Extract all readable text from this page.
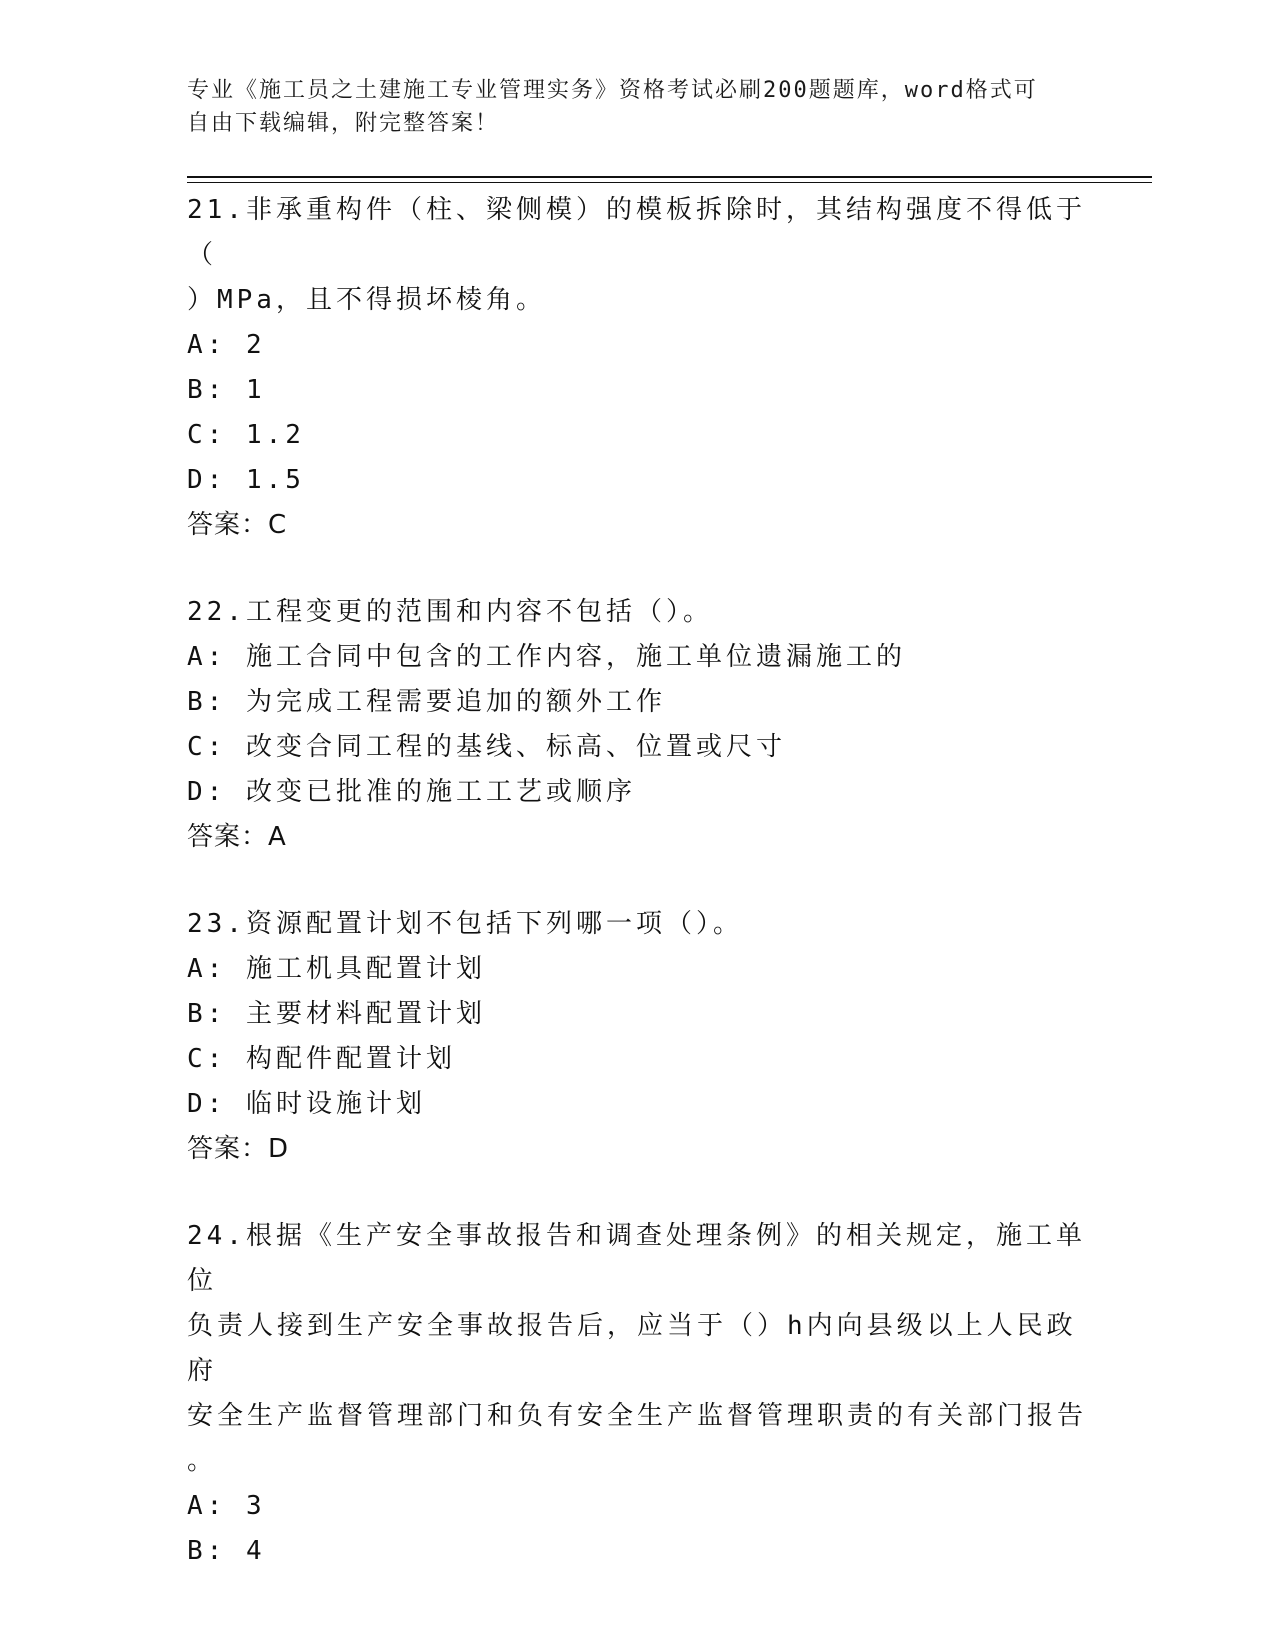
专业《施工员之土建施工专业管理实务》资格考试必刷200题题库，word格式可
自由下载编辑，附完整答案！

21.非承重构件（柱、梁侧模）的模板拆除时，其结构强度不得低于（
）MPa，且不得损坏棱角。

A: 2

B: 1

C: 1.2

D: 1.5

答案：C

22.工程变更的范围和内容不包括（）。

A: 施工合同中包含的工作内容，施工单位遗漏施工的

B: 为完成工程需要追加的额外工作

C: 改变合同工程的基线、标高、位置或尺寸

D: 改变已批准的施工工艺或顺序

答案：A

23.资源配置计划不包括下列哪一项（）。

A: 施工机具配置计划

B: 主要材料配置计划

C: 构配件配置计划

D: 临时设施计划

答案：D

24.根据《生产安全事故报告和调查处理条例》的相关规定，施工单位
负责人接到生产安全事故报告后，应当于（）h内向县级以上人民政府
安全生产监督管理部门和负有安全生产监督管理职责的有关部门报告
。

A: 3

B: 4
